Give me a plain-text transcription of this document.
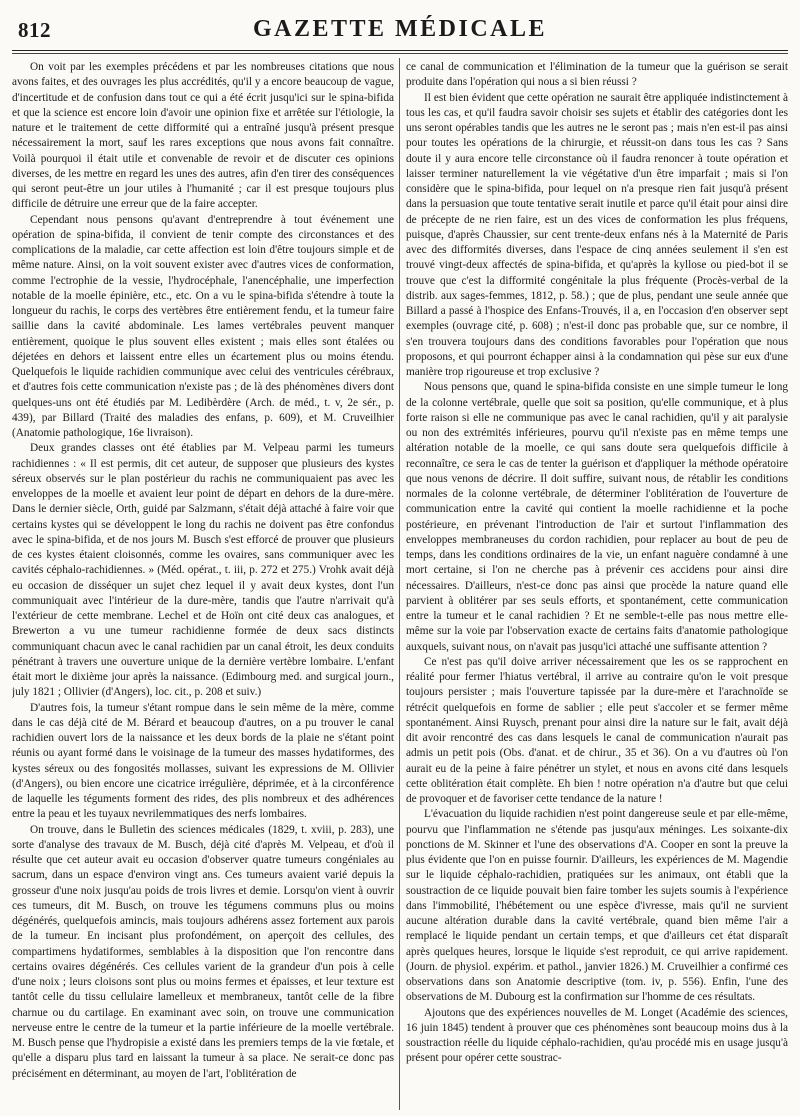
812	GAZETTE MÉDICALE

On voit par les exemples précédens et par les nombreuses citations que nous avons faites, et des ouvrages les plus accrédités, qu'il y a encore beaucoup de vague, d'incertitude et de confusion dans tout ce qui a été écrit jusqu'ici sur le spina-bifida et que la science est encore loin d'avoir une opinion fixe et arrêtée sur l'étiologie, la nature et le traitement de cette difformité qui a entraîné jusqu'à présent presque nécessairement la mort, sauf les rares exceptions que nous avons fait connaître. Voilà pourquoi il était utile et convenable de revoir et de discuter ces opinions diverses, de les mettre en regard les unes des autres, afin d'en tirer des conséquences qui seront peut-être un jour utiles à l'humanité ; car il est presque toujours plus difficile de détruire une erreur que de la faire accepter.

Cependant nous pensons qu'avant d'entreprendre à tout événement une opération de spina-bifida, il convient de tenir compte des circonstances et des complications de la maladie, car cette affection est loin d'être toujours simple et de même nature. Ainsi, on la voit souvent exister avec d'autres vices de conformation, comme l'ectrophie de la vessie, l'hydrocéphale, l'anencéphalie, une imperfection notable de la moelle épinière, etc., etc. On a vu le spina-bifida s'étendre à toute la longueur du rachis, le corps des vertèbres être entièrement fendu, et la tumeur faire saillie dans la cavité abdominale. Les lames vertébrales peuvent manquer entièrement, quoique le plus souvent elles existent ; mais elles sont étalées ou déjetées en dehors et laissent entre elles un écartement plus ou moins étendu. Quelquefois le liquide rachidien communique avec celui des ventricules cérébraux, et d'autres fois cette communication n'existe pas ; de là des phénomènes divers dont quelques-uns ont été étudiés par M. Ledibèrdère (Arch. de méd., t. v, 2e sér., p. 439), par Billard (Traité des maladies des enfans, p. 609), et M. Cruveilhier (Anatomie pathologique, 16e livraison).

Deux grandes classes ont été établies par M. Velpeau parmi les tumeurs rachidiennes : « Il est permis, dit cet auteur, de supposer que plusieurs des kystes séreux observés sur le plan postérieur du rachis ne communiquaient pas avec les enveloppes de la moelle et avaient leur point de départ en dehors de la dure-mère. Dans le dernier siècle, Orth, guidé par Salzmann, s'était déjà attaché à faire voir que certains kystes qui se développent le long du rachis ne doivent pas être confondus avec le spina-bifida, et de nos jours M. Busch s'est efforcé de prouver que plusieurs de ces kystes étaient cloisonnés, comme les ovaires, sans communiquer avec les cavités céphalo-rachidiennes. » (Méd. opérat., t. iii, p. 272 et 275.) Vrohk avait déjà eu occasion de disséquer un sujet chez lequel il y avait deux kystes, dont l'un communiquait avec l'intérieur de la dure-mère, tandis que l'autre n'arrivait qu'à l'extérieur de cette membrane. Lechel et de Hoïn ont cité deux cas analogues, et Brewerton a vu une tumeur rachidienne formée de deux sacs distincts communiquant chacun avec le canal rachidien par un canal étroit, les deux conduits pénétrant à travers une ouverture unique de la dernière vertèbre lombaire. L'enfant était mort le dixième jour après la naissance. (Edimbourg med. and surgical journ., july 1821 ; Ollivier (d'Angers), loc. cit., p. 208 et suiv.)

D'autres fois, la tumeur s'étant rompue dans le sein même de la mère, comme dans le cas déjà cité de M. Bérard et beaucoup d'autres, on a pu trouver le canal rachidien ouvert lors de la naissance et les deux bords de la plaie ne s'étant point réunis ou ayant formé dans le voisinage de la tumeur des masses hydatiformes, des kystes séreux ou des fongosités mollasses, suivant les expressions de M. Ollivier (d'Angers), ou bien encore une cicatrice irrégulière, déprimée, et à la circonférence de laquelle les téguments forment des rides, des plis nombreux et des adhérences entre la peau et les tuyaux nevrilemmatiques des nerfs lombaires.

On trouve, dans le Bulletin des sciences médicales (1829, t. xviii, p. 283), une sorte d'analyse des travaux de M. Busch, déjà cité d'après M. Velpeau, et d'où il résulte que cet auteur avait eu occasion d'observer quatre tumeurs congéniales au sacrum, dans un espace d'environ vingt ans. Ces tumeurs avaient varié depuis la grosseur d'une noix jusqu'au poids de trois livres et demie. Lorsqu'on vient à ouvrir ces tumeurs, dit M. Busch, on trouve les tégumens communs plus ou moins dégénérés, quelquefois amincis, mais toujours adhérens assez fortement aux parois de la tumeur. En incisant plus profondément, on aperçoit des cellules, des compartimens hydatiformes, semblables à la disposition que l'on rencontre dans certains ovaires dégénérés. Ces cellules varient de la grandeur d'un pois à celle d'une noix ; leurs cloisons sont plus ou moins fermes et épaisses, et leur texture est tantôt celle du tissu cellulaire lamelleux et membraneux, tantôt celle de la fibre charnue ou du cartilage. En examinant avec soin, on trouve une communication nerveuse entre le centre de la tumeur et la partie inférieure de la moelle vertébrale. M. Busch pense que l'hydropisie a existé dans les premiers temps de la vie fœtale, et qu'elle a disparu plus tard en laissant la tumeur à sa place. Ne serait-ce donc pas précisément en déterminant, au moyen de l'art, l'oblitération de

ce canal de communication et l'élimination de la tumeur que la guérison se serait produite dans l'opération qui nous a si bien réussi ?

Il est bien évident que cette opération ne saurait être appliquée indistinctement à tous les cas, et qu'il faudra savoir choisir ses sujets et établir des catégories dont les uns seront opérables tandis que les autres ne le seront pas ; mais n'en est-il pas ainsi pour toutes les opérations de la chirurgie, et réussit-on dans tous les cas ? Sans doute il y aura encore telle circonstance où il faudra renoncer à toute opération et laisser terminer naturellement la vie végétative d'un être imparfait ; mais si l'on considère que le spina-bifida, pour lequel on n'a presque rien fait jusqu'à présent dans la persuasion que toute tentative serait inutile et parce qu'il était pour ainsi dire de précepte de ne rien faire, est un des vices de conformation les plus fréquens, puisque, d'après Chaussier, sur cent trente-deux enfans nés à la Maternité de Paris avec des difformités diverses, dans l'espace de cinq années seulement il s'en est trouvé vingt-deux affectés de spina-bifida, et qu'après la kyllose ou pied-bot il se trouve que c'est la difformité congénitale la plus fréquente (Procès-verbal de la distrib. aux sages-femmes, 1812, p. 58.) ; que de plus, pendant une seule année que Billard a passé à l'hospice des Enfans-Trouvés, il a, en l'occasion d'en observer sept exemples (ouvrage cité, p. 608) ; n'est-il donc pas probable que, sur ce nombre, il s'en trouvera toujours dans des conditions favorables pour l'opération que nous proposons, et qui pourront échapper ainsi à la condamnation qui pèse sur eux d'une manière trop rigoureuse et trop exclusive ?

Nous pensons que, quand le spina-bifida consiste en une simple tumeur le long de la colonne vertébrale, quelle que soit sa position, qu'elle communique, et à plus forte raison si elle ne communique pas avec le canal rachidien, qu'il y ait paralysie ou non des extrémités inférieures, pourvu qu'il n'existe pas en même temps une altération notable de la moelle, ce qui sans doute sera quelquefois difficile à reconnaître, ce sera le cas de tenter la guérison et d'appliquer la méthode opératoire que nous venons de décrire. Il doit suffire, suivant nous, de rétablir les conditions normales de la colonne vertébrale, de déterminer l'oblitération de l'ouverture de communication entre la cavité qui contient la moelle rachidienne et la poche postérieure, en prévenant l'introduction de l'air et surtout l'inflammation des enveloppes membraneuses du cordon rachidien, pour replacer au bout de peu de temps, dans les conditions ordinaires de la vie, un enfant naguère condamné à une mort certaine, si l'on ne cherche pas à prévenir ces accidens pour ainsi dire nécessaires. D'ailleurs, n'est-ce donc pas ainsi que procède la nature quand elle parvient à oblitérer par ses seuls efforts, et spontanément, cette communication entre la tumeur et le canal rachidien ? Et ne semble-t-elle pas nous mettre elle-même sur la voie par l'observation exacte de certains faits d'anatomie pathologique auxquels, suivant nous, on n'avait pas jusqu'ici attaché une suffisante attention ?

Ce n'est pas qu'il doive arriver nécessairement que les os se rapprochent en réalité pour fermer l'hiatus vertébral, il arrive au contraire qu'on le voit presque toujours persister ; mais l'ouverture tapissée par la dure-mère et l'arachnoïde se rétrécit quelquefois en forme de sablier ; elle peut s'accoler et se fermer même spontanément. Ainsi Ruysch, prenant pour ainsi dire la nature sur le fait, avait déjà dit avoir rencontré des cas dans lesquels le canal de communication n'aurait pas admis un petit pois (Obs. d'anat. et de chirur., 35 et 36). On a vu d'autres où l'on aurait eu de la peine à faire pénétrer un stylet, et nous en avons cité dans lesquels cette oblitération était complète. Eh bien ! notre opération n'a d'autre but que celui de provoquer et de favoriser cette tendance de la nature !

L'évacuation du liquide rachidien n'est point dangereuse seule et par elle-même, pourvu que l'inflammation ne s'étende pas jusqu'aux méninges. Les soixante-dix ponctions de M. Skinner et l'une des observations d'A. Cooper en sont la preuve la plus évidente que l'on en puisse fournir. D'ailleurs, les expériences de M. Magendie sur le liquide céphalo-rachidien, pratiquées sur les animaux, ont établi que la soustraction de ce liquide pouvait bien faire tomber les sujets soumis à l'expérience dans l'immobilité, l'hébétement ou une espèce d'ivresse, mais qu'il ne survient aucune altération durable dans la cavité vertébrale, quand bien même l'air a remplacé le liquide pendant un certain temps, et que d'ailleurs cet état disparaît après quelques heures, lorsque le liquide s'est reproduit, ce qui arrive rapidement. (Journ. de physiol. expérim. et pathol., janvier 1826.) M. Cruveilhier a confirmé ces observations dans son Anatomie descriptive (tom. iv, p. 556). Enfin, l'une des observations de M. Dubourg est la confirmation sur l'homme de ces résultats.

Ajoutons que des expériences nouvelles de M. Longet (Académie des sciences, 16 juin 1845) tendent à prouver que ces phénomènes sont beaucoup moins dus à la soustraction réelle du liquide céphalo-rachidien, qu'au procédé mis en usage jusqu'à présent pour opérer cette soustrac-
